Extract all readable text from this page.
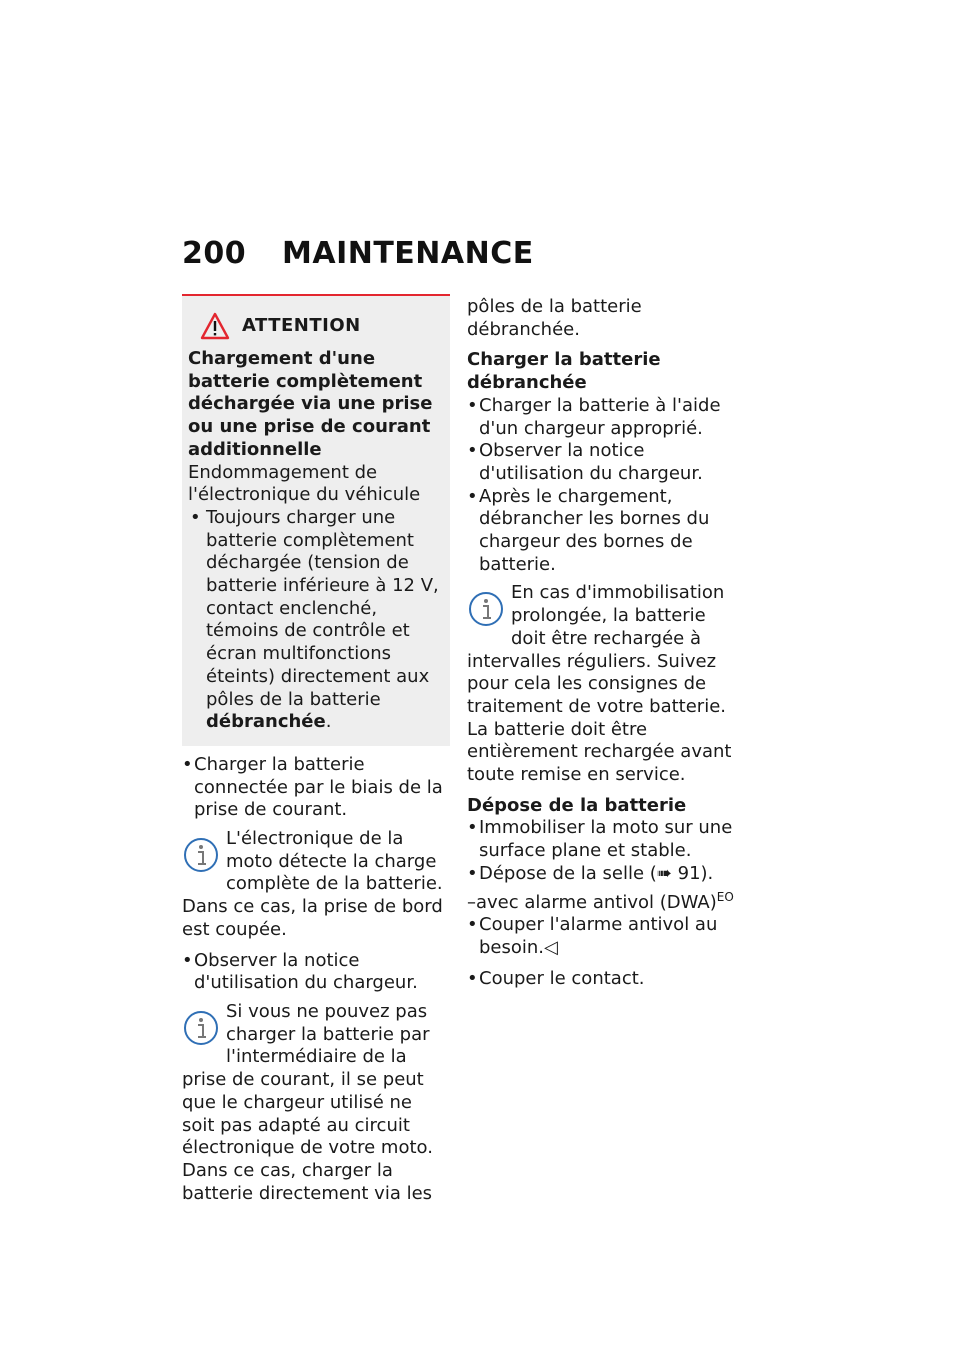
200 MAINTENANCE
ATTENTION

Chargement d'une batterie complètement déchargée via une prise ou une prise de courant additionnelle

Endommagement de l'électronique du véhicule

• Toujours charger une batterie complètement déchargée (tension de batterie inférieure à 12 V, contact enclenché, témoins de contrôle et écran multifonctions éteints) directement aux pôles de la batterie débranchée.
• Charger la batterie connectée par le biais de la prise de courant.

L'électronique de la moto détecte la charge complète de la batterie. Dans ce cas, la prise de bord est coupée.

• Observer la notice d'utilisation du chargeur.

Si vous ne pouvez pas charger la batterie par l'intermédiaire de la prise de courant, il se peut que le chargeur utilisé ne soit pas adapté au circuit électronique de votre moto. Dans ce cas, charger la batterie directement via les

pôles de la batterie débranchée.

Charger la batterie débranchée

• Charger la batterie à l'aide d'un chargeur approprié.
• Observer la notice d'utilisation du chargeur.
• Après le chargement, débrancher les bornes du chargeur des bornes de batterie.

En cas d'immobilisation prolongée, la batterie doit être rechargée à intervalles réguliers. Suivez pour cela les consignes de traitement de votre batterie. La batterie doit être entièrement rechargée avant toute remise en service.

Dépose de la batterie

• Immobiliser la moto sur une surface plane et stable.
• Dépose de la selle (➠ 91).

–avec alarme antivol (DWA)$^{EO}$

• Couper l'alarme antivol au besoin.◁
• Couper le contact.
